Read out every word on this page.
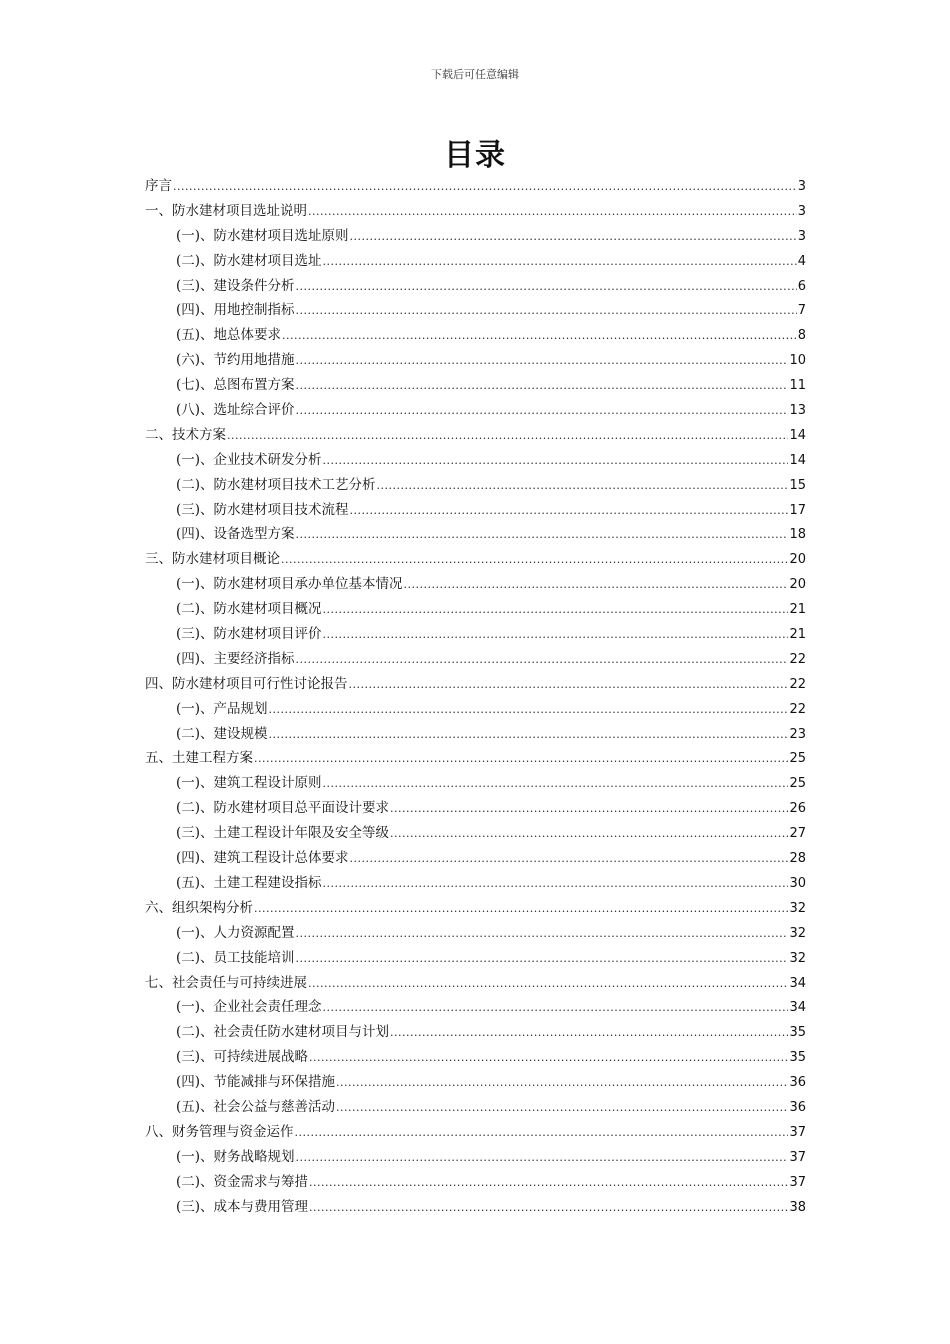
下载后可任意编辑
目录
序言 .....	3
一、防水建材项目选址说明 .....	3
(一)、防水建材项目选址原则 .....	3
(二)、防水建材项目选址 .....	4
(三)、建设条件分析 .....	6
(四)、用地控制指标 .....	7
(五)、地总体要求 .....	8
(六)、节约用地措施 .....	10
(七)、总图布置方案 .....	11
(八)、选址综合评价 .....	13
二、技术方案 .....	14
(一)、企业技术研发分析 .....	14
(二)、防水建材项目技术工艺分析 .....	15
(三)、防水建材项目技术流程 .....	17
(四)、设备选型方案 .....	18
三、防水建材项目概论 .....	20
(一)、防水建材项目承办单位基本情况 .....	20
(二)、防水建材项目概况 .....	21
(三)、防水建材项目评价 .....	21
(四)、主要经济指标 .....	22
四、防水建材项目可行性讨论报告 .....	22
(一)、产品规划 .....	22
(二)、建设规模 .....	23
五、土建工程方案 .....	25
(一)、建筑工程设计原则 .....	25
(二)、防水建材项目总平面设计要求 .....	26
(三)、土建工程设计年限及安全等级 .....	27
(四)、建筑工程设计总体要求 .....	28
(五)、土建工程建设指标 .....	30
六、组织架构分析 .....	32
(一)、人力资源配置 .....	32
(二)、员工技能培训 .....	32
七、社会责任与可持续进展 .....	34
(一)、企业社会责任理念 .....	34
(二)、社会责任防水建材项目与计划 .....	35
(三)、可持续进展战略 .....	35
(四)、节能减排与环保措施 .....	36
(五)、社会公益与慈善活动 .....	36
八、财务管理与资金运作 .....	37
(一)、财务战略规划 .....	37
(二)、资金需求与筹措 .....	37
(三)、成本与费用管理 .....	38
